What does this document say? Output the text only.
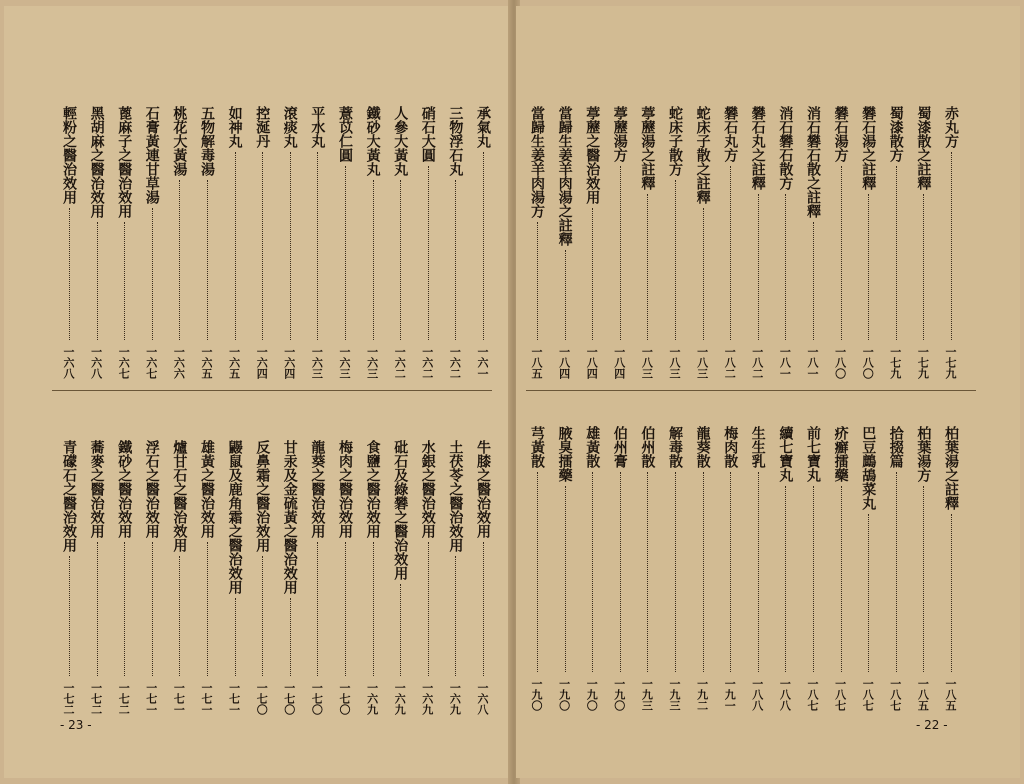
承氣丸
一六一
三物浮石丸
一六二
硝石大圓
一六二
人參大黃丸
一六二
鐵砂大黃丸
一六三
薏苡仁圓
一六三
平水丸
一六三
滾痰丸
一六四
控涎丹
一六四
如神丸
一六五
五物解毒湯
一六五
桃花大黃湯
一六六
石膏黃連甘草湯
一六七
蓖麻子之醫治效用
一六七
黑胡麻之醫治效用
一六八
輕粉之醫治效用
一六八
牛膝之醫治效用
一六八
土茯苓之醫治效用
一六九
水銀之醫治效用
一六九
砒石及綠礬之醫治效用
一六九
食鹽之醫治效用
一六九
梅肉之醫治效用
一七〇
龍葵之醫治效用
一七〇
甘汞及金硫黃之醫治效用
一七〇
反鼻霜之醫治效用
一七〇
鼹鼠及鹿角霜之醫治效用
一七一
雄黃之醫治效用
一七一
爐甘石之醫治效用
一七一
浮石之醫治效用
一七一
鐵砂之醫治效用
一七二
蕎麥之醫治效用
一七二
青礞石之醫治效用
一七二
- 23 -
赤丸方
一七九
蜀漆散之註釋
一七九
蜀漆散方
一七九
礬石湯之註釋
一八〇
礬石湯方
一八〇
消石礬石散之註釋
一八一
消石礬石散方
一八一
礬石丸之註釋
一八二
礬石丸方
一八二
蛇床子散之註釋
一八三
蛇床子散方
一八三
葶藶湯之註釋
一八三
葶藶湯方
一八四
葶藶之醫治效用
一八四
當歸生姜羊肉湯之註釋
一八四
當歸生姜羊肉湯方
一八五
柏葉湯之註釋
一八五
柏葉湯方
一八五
拾掇篇
一八七
巴豆鷓鴣菜丸
一八七
疥癬擂藥
一八七
前七寶丸
一八七
續七寶丸
一八八
生生乳
一八八
梅肉散
一九一
龍葵散
一九二
解毒散
一九三
伯州散
一九三
伯州膏
一九〇
雄黃散
一九〇
腋臭擂藥
一九〇
芎黃散
一九〇
- 22 -
